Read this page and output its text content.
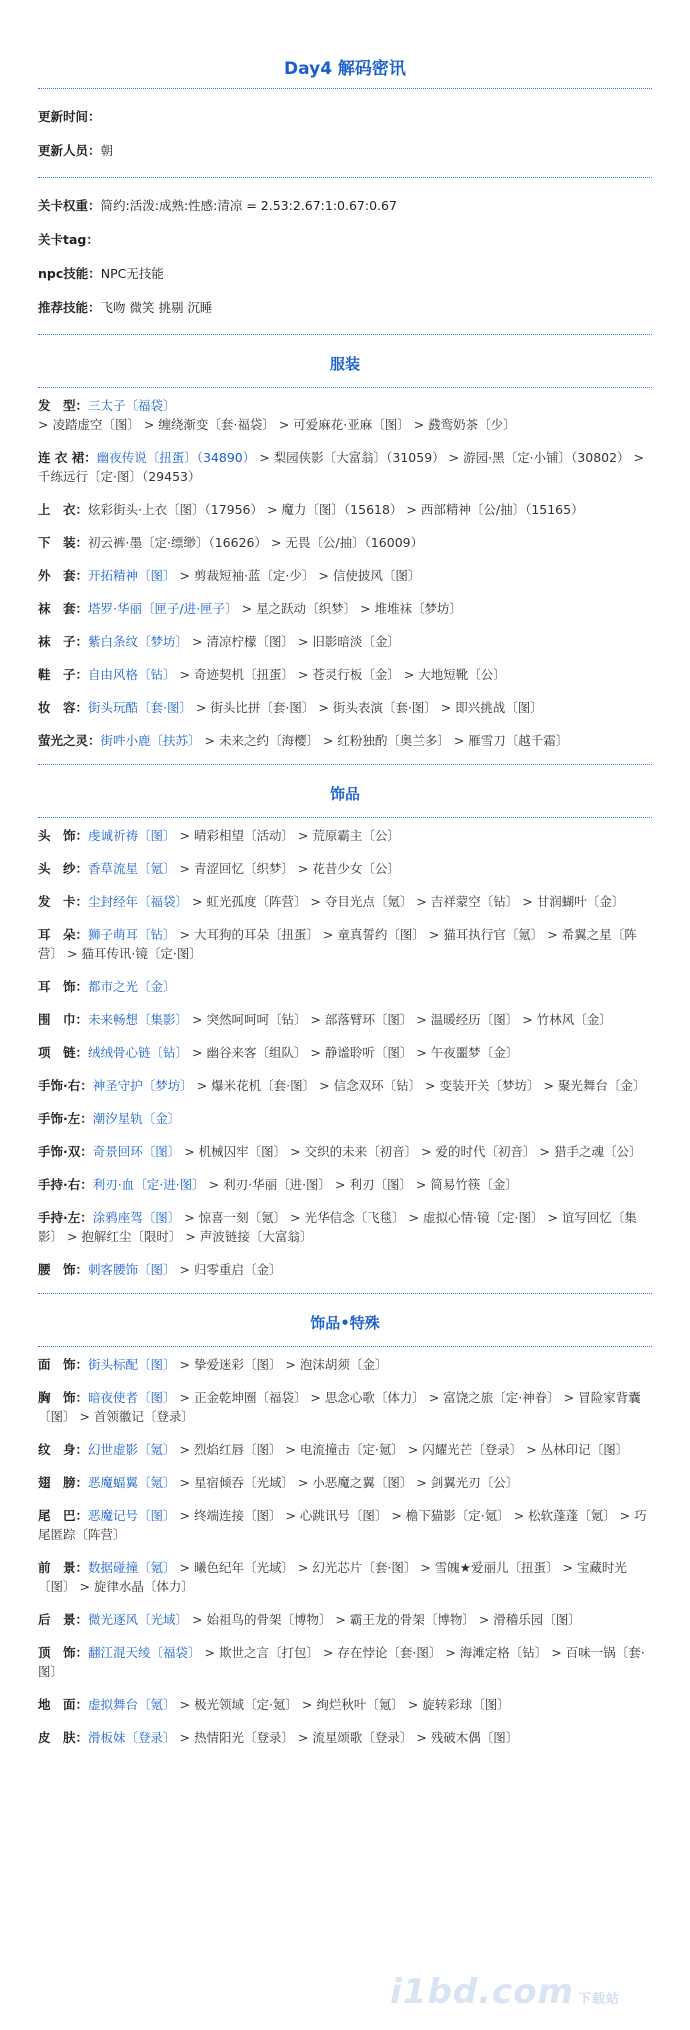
Day4 解码密讯
更新时间：
更新人员：朝
关卡权重：简约:活泼:成熟:性感:清凉 = 2.53:2.67:1:0.67:0.67
关卡tag：
npc技能：NPC无技能
推荐技能：飞吻 微笑 挑剔 沉睡
服装
发　型：三太子〔福袋〕 > 凌踏虚空〔图〕 > 缠绕渐变〔套·福袋〕 > 可爱麻花·亚麻〔图〕 > 鼗鸾奶茶〔少〕
连 衣 裙：幽夜传说〔扭蛋〕（34890） > 梨园侠影〔大富翁〕（31059） > 游园·黑〔定·小铺〕（30802） > 千练远行〔定·图〕（29453）
上　衣：炫彩街头·上衣〔图〕（17956） > 魔力〔图〕（15618） > 西部精神〔公/抽〕（15165）
下　装：初云裤·墨〔定·缥缈〕（16626） > 无畏〔公/抽〕（16009）
外　套：开拓精神〔图〕 > 剪裁短袖·蓝〔定·少〕 > 信使披风〔图〕
袜　套：塔罗·华丽〔匣子/进·匣子〕 > 星之跃动〔织梦〕 > 堆堆袜〔梦坊〕
袜　子：紫白条纹〔梦坊〕 > 清凉柠檬〔图〕 > 旧影暗淡〔金〕
鞋　子：自由风格〔钻〕 > 奇迹契机〔扭蛋〕 > 苍灵行板〔金〕 > 大地短靴〔公〕
妆　容：街头玩酷〔套·图〕 > 街头比拼〔套·图〕 > 街头表演〔套·图〕 > 即兴挑战〔图〕
萤光之灵：街吽小鹿〔扶苏〕 > 未来之约〔海樱〕 > 红粉独酌〔奥兰多〕 > 雁雪刀〔越千霜〕
饰品
头　饰：虔诚祈祷〔图〕 > 晴彩相望〔活动〕 > 荒原霸主〔公〕
头　纱：香草流星〔氪〕 > 青涩回忆〔织梦〕 > 花昔少女〔公〕
发　卡：尘封经年〔福袋〕 > 虹光孤度〔阵营〕 > 夺目光点〔氪〕 > 吉祥蒙空〔钻〕 > 甘润蝴叶〔金〕
耳　朵：狮子萌耳〔钻〕 > 大耳狗的耳朵〔扭蛋〕 > 童真誓约〔图〕 > 猫耳执行官〔氪〕 > 希翼之星〔阵营〕 > 猫耳传讯·镜〔定·图〕
耳　饰：都市之光〔金〕
围　巾：未来畅想〔集影〕 > 突然呵呵呵〔钻〕 > 部落臂环〔图〕 > 温暖经历〔图〕 > 竹林风〔金〕
项　链：绒绒骨心链〔钻〕 > 幽谷来客〔组队〕 > 静谧聆听〔图〕 > 午夜噩梦〔金〕
手饰·右：神圣守护〔梦坊〕 > 爆米花机〔套·图〕 > 信念双环〔钻〕 > 变装开关〔梦坊〕 > 聚光舞台〔金〕
手饰·左：潮汐星轨〔金〕
手饰·双：奇景回环〔图〕 > 机械囚牢〔图〕 > 交织的未来〔初音〕 > 爱的时代〔初音〕 > 猎手之魂〔公〕
手持·右：利刃·血〔定·进·图〕 > 利刃·华丽〔进·图〕 > 利刃〔图〕 > 简易竹筷〔金〕
手持·左：涂鸦座驾〔图〕 > 惊喜一刻〔氪〕 > 光华信念〔飞毯〕 > 虚拟心情·镜〔定·图〕 > 谊写回忆〔集影〕 > 抱解红尘〔限时〕 > 声波链接〔大富翁〕
腰　饰：刺客腰饰〔图〕 > 归零重启〔金〕
饰品•特殊
面　饰：街头标配〔图〕 > 挚爱迷彩〔图〕 > 泡沫胡须〔金〕
胸　饰：暗夜使者〔图〕 > 正金乾坤圈〔福袋〕 > 思念心歌〔体力〕 > 富饶之旅〔定·神眷〕 > 冒险家背囊〔图〕 > 首领徽记〔登录〕
纹　身：幻世虚影〔氪〕 > 烈焰红唇〔图〕 > 电流撞击〔定·氪〕 > 闪耀光芒〔登录〕 > 丛林印记〔图〕
翅　膀：恶魔蝠翼〔氪〕 > 星宿倾吞〔光域〕 > 小恶魔之翼〔图〕 > 剑翼光刃〔公〕
尾　巴：恶魔记号〔图〕 > 终端连接〔图〕 > 心跳讯号〔图〕 > 檐下猫影〔定·氪〕 > 松软蓬蓬〔氪〕 > 巧尾匿踪〔阵营〕
前　景：数据碰撞〔氪〕 > 曦色纪年〔光域〕 > 幻光芯片〔套·图〕 > 雪魄★爱丽儿〔扭蛋〕 > 宝藏时光〔图〕 > 旋律水晶〔体力〕
后　景：微光逐风〔光域〕 > 始祖鸟的骨架〔博物〕 > 霸王龙的骨架〔博物〕 > 滑稽乐园〔图〕
顶　饰：翻江混天绫〔福袋〕 > 欺世之言〔打包〕 > 存在悖论〔套·图〕 > 海滩定格〔钻〕 > 百味一锅〔套·图〕
地　面：虚拟舞台〔氪〕 > 极光领域〔定·氪〕 > 绚烂秋叶〔氪〕 > 旋转彩球〔图〕
皮　肤：滑板妹〔登录〕 > 热情阳光〔登录〕 > 流星颂歌〔登录〕 > 残破木偶〔图〕
i1bd.com 下载站
